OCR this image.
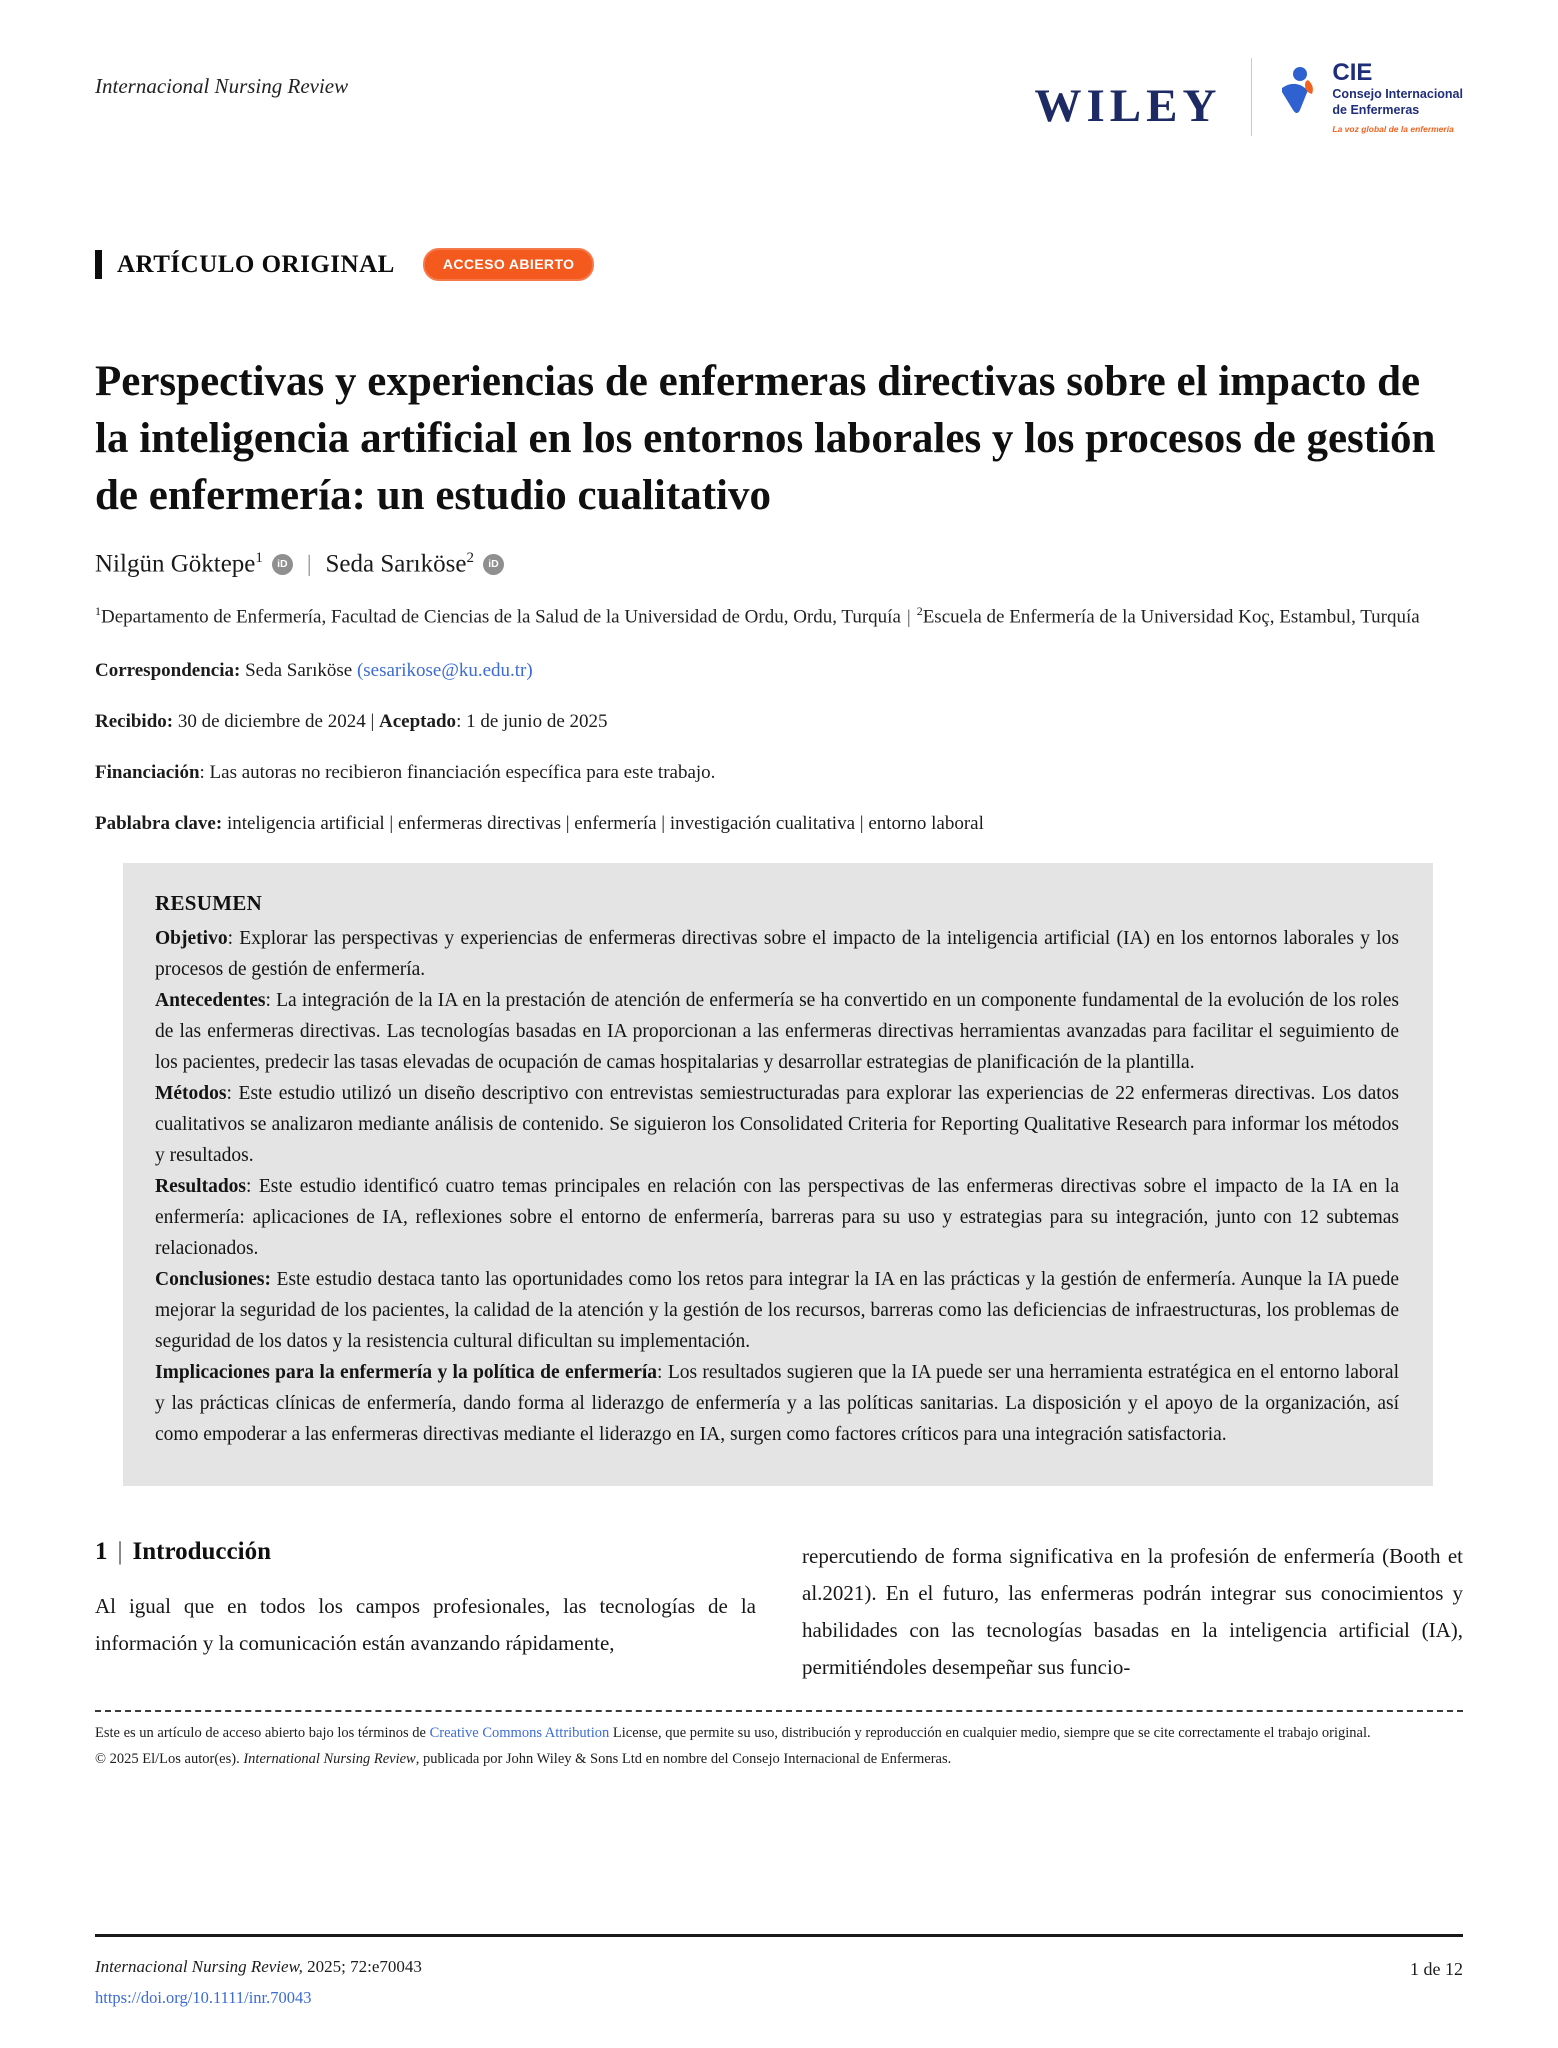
Internacional Nursing Review	WILEY
CIE
Consejo Internacional
de Enfermeras
La voz global de la enfermería
ARTÍCULO ORIGINAL	ACCESO ABIERTO
Perspectivas y experiencias de enfermeras directivas sobre el impacto de la inteligencia artificial en los entornos laborales y los procesos de gestión de enfermería: un estudio cualitativo
Nilgün Göktepe$^1$	iD | Seda Sarıköse$^2$	iD

$^1$Departamento de Enfermería, Facultad de Ciencias de la Salud de la Universidad de Ordu, Ordu, Turquía | $^2$Escuela de Enfermería de la Universidad Koç, Estambul, Turquía

Correspondencia: Seda Sarıköse (sesarikose@ku.edu.tr)

Recibido: 30 de diciembre de 2024 | Aceptado: 1 de junio de 2025

Financiación: Las autoras no recibieron financiación específica para este trabajo.

Pablabra clave: inteligencia artificial | enfermeras directivas | enfermería | investigación cualitativa | entorno laboral

RESUMEN

Objetivo: Explorar las perspectivas y experiencias de enfermeras directivas sobre el impacto de la inteligencia artificial (IA) en los entornos laborales y los procesos de gestión de enfermería.

Antecedentes: La integración de la IA en la prestación de atención de enfermería se ha convertido en un componente fundamental de la evolución de los roles de las enfermeras directivas. Las tecnologías basadas en IA proporcionan a las enfermeras directivas herramientas avanzadas para facilitar el seguimiento de los pacientes, predecir las tasas elevadas de ocupación de camas hospitalarias y desarrollar estrategias de planificación de la plantilla.

Métodos: Este estudio utilizó un diseño descriptivo con entrevistas semiestructuradas para explorar las experiencias de 22 enfermeras directivas. Los datos cualitativos se analizaron mediante análisis de contenido. Se siguieron los Consolidated Criteria for Reporting Qualitative Research para informar los métodos y resultados.

Resultados: Este estudio identificó cuatro temas principales en relación con las perspectivas de las enfermeras directivas sobre el impacto de la IA en la enfermería: aplicaciones de IA, reflexiones sobre el entorno de enfermería, barreras para su uso y estrategias para su integración, junto con 12 subtemas relacionados.

Conclusiones: Este estudio destaca tanto las oportunidades como los retos para integrar la IA en las prácticas y la gestión de enfermería. Aunque la IA puede mejorar la seguridad de los pacientes, la calidad de la atención y la gestión de los recursos, barreras como las deficiencias de infraestructuras, los problemas de seguridad de los datos y la resistencia cultural dificultan su implementación.

Implicaciones para la enfermería y la política de enfermería: Los resultados sugieren que la IA puede ser una herramienta estratégica en el entorno laboral y las prácticas clínicas de enfermería, dando forma al liderazgo de enfermería y a las políticas sanitarias. La disposición y el apoyo de la organización, así como empoderar a las enfermeras directivas mediante el liderazgo en IA, surgen como factores críticos para una integración satisfactoria.

1 | Introducción

Al igual que en todos los campos profesionales, las tecnologías de la información y la comunicación están avanzando rápidamente,

repercutiendo de forma significativa en la profesión de enfermería (Booth et al.2021). En el futuro, las enfermeras podrán integrar sus conocimientos y habilidades con las tecnologías basadas en la inteligencia artificial (IA), permitiéndoles desempeñar sus funcio-

Este es un artículo de acceso abierto bajo los términos de Creative Commons Attribution License, que permite su uso, distribución y reproducción en cualquier medio, siempre que se cite correctamente el trabajo original.

© 2025 El/Los autor(es). International Nursing Review, publicada por John Wiley & Sons Ltd en nombre del Consejo Internacional de Enfermeras.

Internacional Nursing Review, 2025; 72:e70043

https://doi.org/10.1111/inr.70043
1 de 12
